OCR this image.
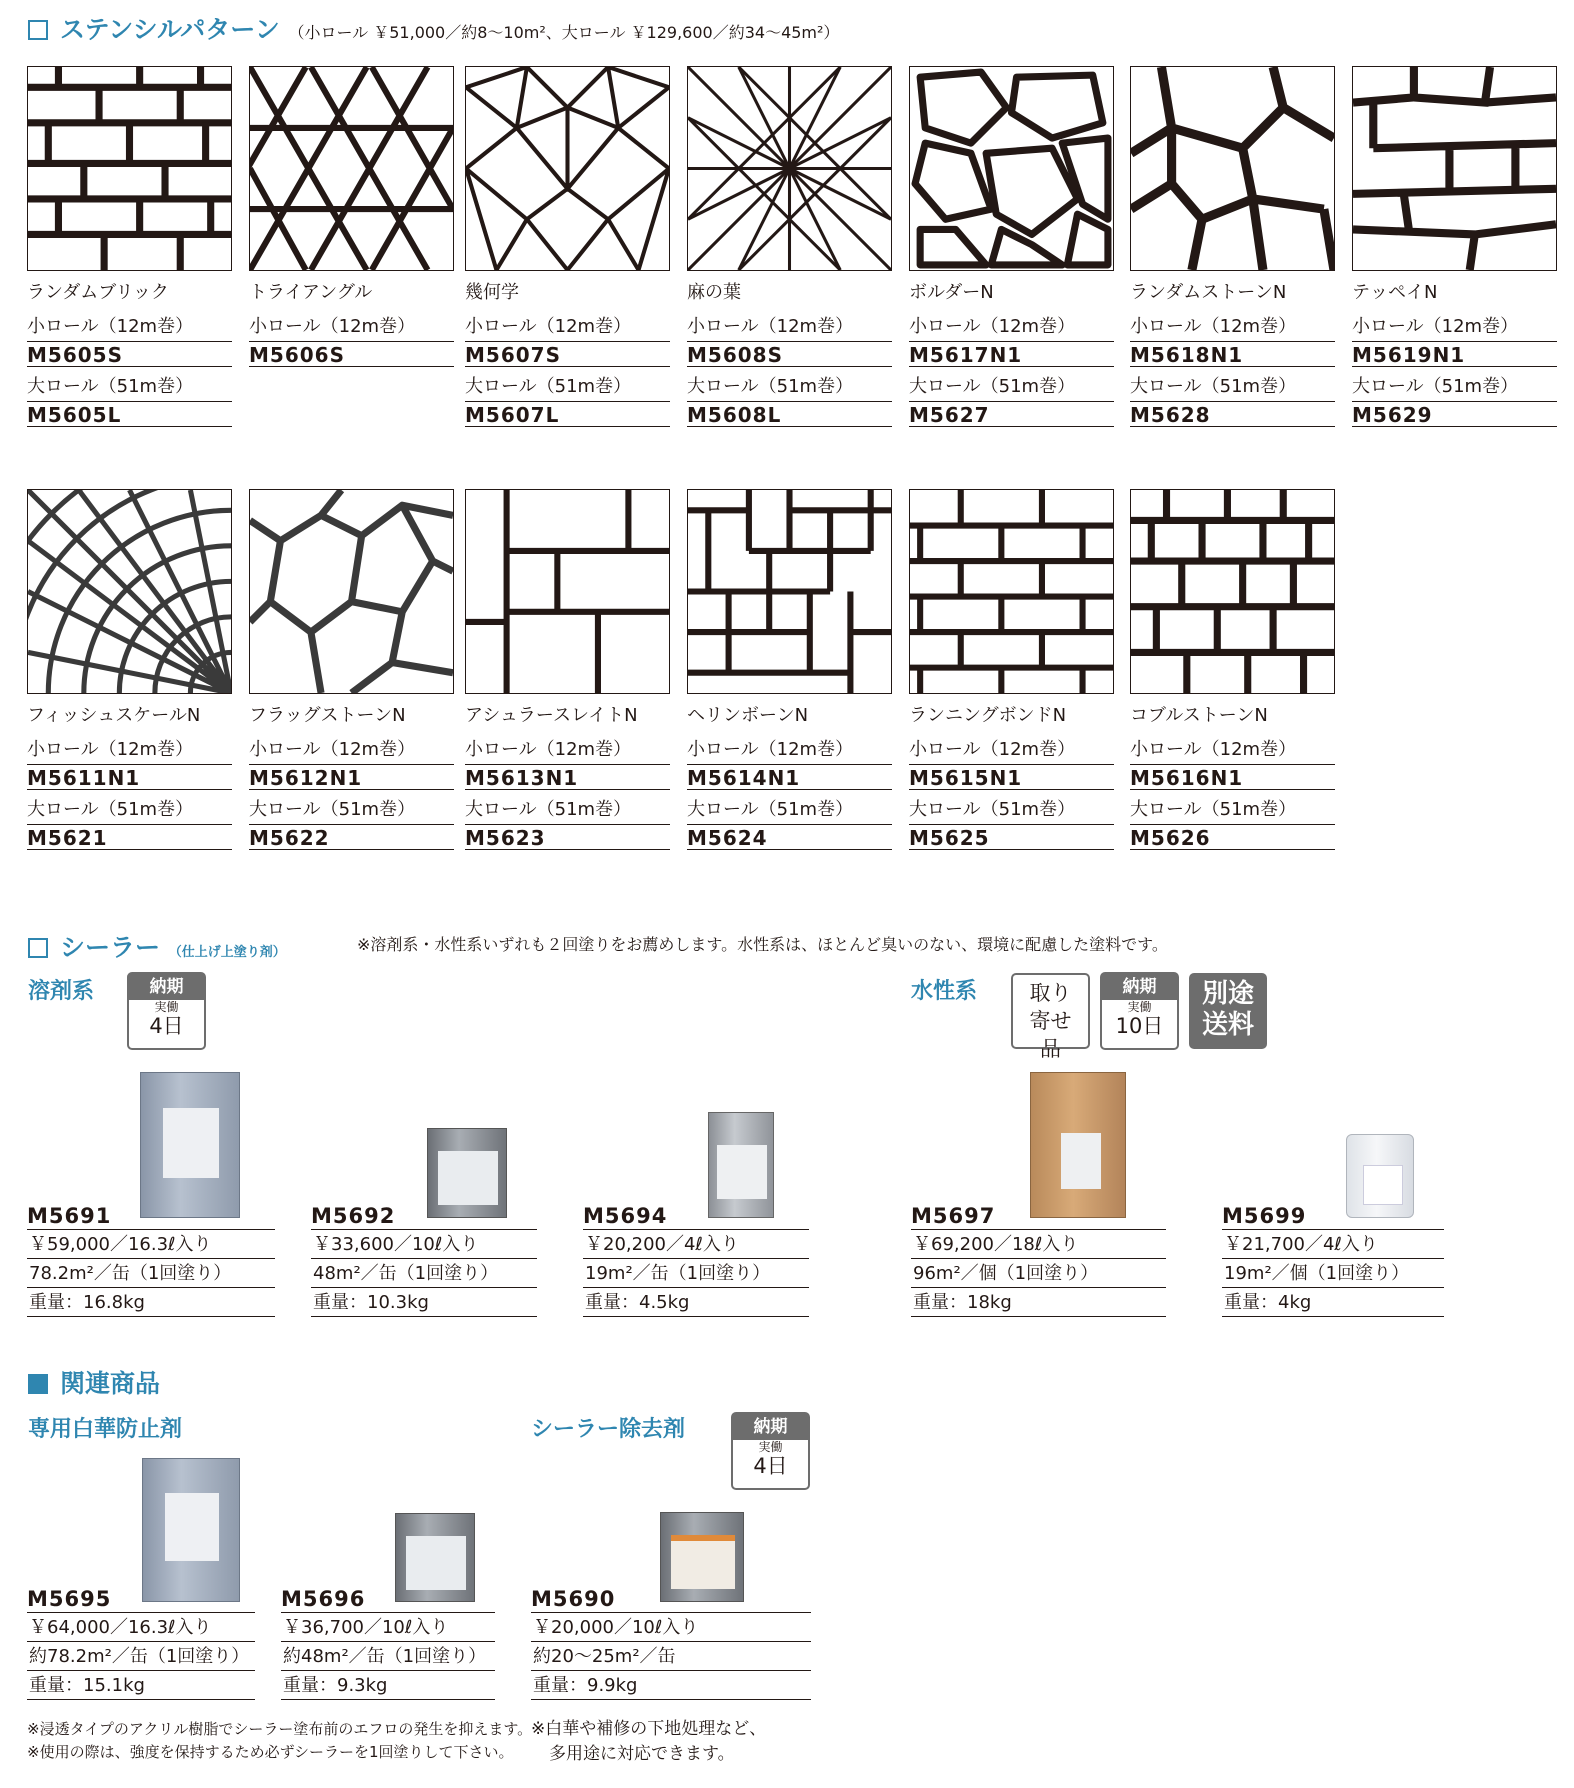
ステンシルパターン （小ロール ￥51,000／約8～10m²、大ロール ￥129,600／約34～45m²）
ランダムブリック
小ロール（12m巻）
M5605S
大ロール（51m巻）
M5605L
トライアングル
小ロール（12m巻）
M5606S
幾何学
小ロール（12m巻）
M5607S
大ロール（51m巻）
M5607L
麻の葉
小ロール（12m巻）
M5608S
大ロール（51m巻）
M5608L
ボルダーN
小ロール（12m巻）
M5617N1
大ロール（51m巻）
M5627
ランダムストーンN
小ロール（12m巻）
M5618N1
大ロール（51m巻）
M5628
テッペイN
小ロール（12m巻）
M5619N1
大ロール（51m巻）
M5629
フィッシュスケールN
小ロール（12m巻）
M5611N1
大ロール（51m巻）
M5621
フラッグストーンN
小ロール（12m巻）
M5612N1
大ロール（51m巻）
M5622
アシュラースレイトN
小ロール（12m巻）
M5613N1
大ロール（51m巻）
M5623
ヘリンボーンN
小ロール（12m巻）
M5614N1
大ロール（51m巻）
M5624
ランニングボンドN
小ロール（12m巻）
M5615N1
大ロール（51m巻）
M5625
コブルストーンN
小ロール（12m巻）
M5616N1
大ロール（51m巻）
M5626
シーラー （仕上げ上塗り剤）	※溶剤系・水性系いずれも２回塗りをお薦めします。水性系は、ほとんど臭いのない、環境に配慮した塗料です。
溶剤系	納期
実働
4日
M5691
￥59,000／16.3ℓ入り
78.2m²／缶（1回塗り）
重量：16.8kg
M5692
￥33,600／10ℓ入り
48m²／缶（1回塗り）
重量：10.3kg
M5694
￥20,200／4ℓ入り
19m²／缶（1回塗り）
重量：4.5kg
水性系 取り寄せ品
納期
実働
10日
別途送料
M5697
￥69,200／18ℓ入り
96m²／個（1回塗り）
重量：18kg
M5699
￥21,700／4ℓ入り
19m²／個（1回塗り）
重量：4kg
関連商品
専用白華防止剤
M5695
￥64,000／16.3ℓ入り
約78.2m²／缶（1回塗り）
重量：15.1kg
M5696
￥36,700／10ℓ入り
約48m²／缶（1回塗り）
重量：9.3kg
※浸透タイプのアクリル樹脂でシーラー塗布前のエフロの発生を抑えます。
※使用の際は、強度を保持するため必ずシーラーを1回塗りして下さい。
シーラー除去剤	納期
実働
4日
M5690
￥20,000／10ℓ入り
約20～25m²／缶
重量：9.9kg
※白華や補修の下地処理など、
多用途に対応できます。
